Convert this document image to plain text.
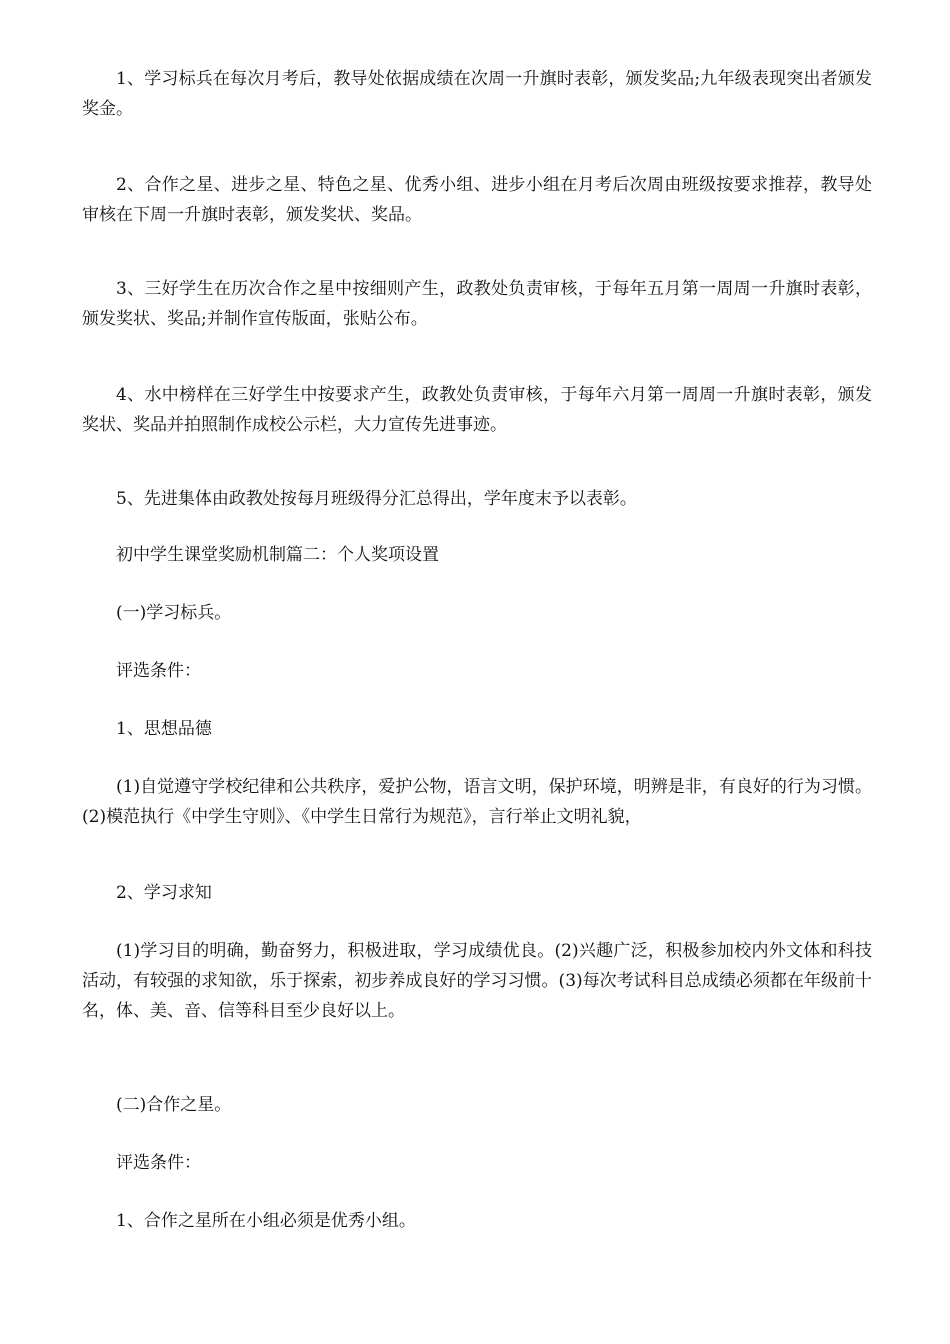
1、学习标兵在每次月考后，教导处依据成绩在次周一升旗时表彰，颁发奖品;九年级表现突出者颁发奖金。

2、合作之星、进步之星、特色之星、优秀小组、进步小组在月考后次周由班级按要求推荐，教导处审核在下周一升旗时表彰，颁发奖状、奖品。

3、三好学生在历次合作之星中按细则产生，政教处负责审核，于每年五月第一周周一升旗时表彰，颁发奖状、奖品;并制作宣传版面，张贴公布。

4、水中榜样在三好学生中按要求产生，政教处负责审核，于每年六月第一周周一升旗时表彰，颁发奖状、奖品并拍照制作成校公示栏，大力宣传先进事迹。

5、先进集体由政教处按每月班级得分汇总得出，学年度末予以表彰。

初中学生课堂奖励机制篇二：个人奖项设置

(一)学习标兵。

评选条件：

1、思想品德

(1)自觉遵守学校纪律和公共秩序，爱护公物，语言文明，保护环境，明辨是非，有良好的行为习惯。(2)模范执行《中学生守则》、《中学生日常行为规范》，言行举止文明礼貌，

2、学习求知

(1)学习目的明确，勤奋努力，积极进取，学习成绩优良。(2)兴趣广泛，积极参加校内外文体和科技活动，有较强的求知欲，乐于探索，初步养成良好的学习习惯。(3)每次考试科目总成绩必须都在年级前十名，体、美、音、信等科目至少良好以上。

(二)合作之星。

评选条件：

1、合作之星所在小组必须是优秀小组。
